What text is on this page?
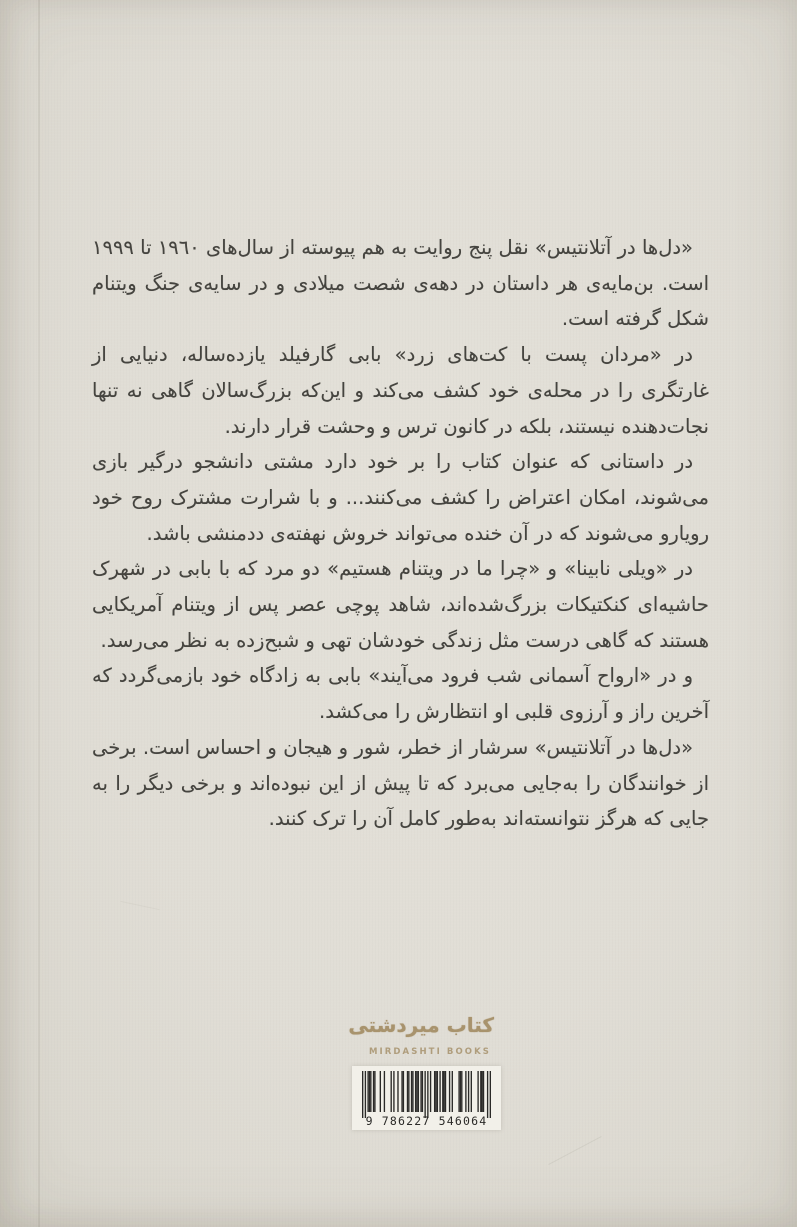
«دل‌ها در آتلانتیس» نقل پنج روایت به هم پیوسته از سال‌های ١٩٦٠ تا ١٩٩٩ است. بن‌مایه‌ی هر داستان در دهه‌ی شصت میلادی و در سایه‌ی جنگ ویتنام شکل گرفته است.

در «مردان پست با کت‌های زرد» بابی گارفیلد یازده‌ساله، دنیایی از غارتگری را در محله‌ی خود کشف می‌کند و این‌که بزرگ‌سالان گاهی نه تنها نجات‌دهنده نیستند، بلکه در کانون ترس و وحشت قرار دارند.

در داستانی که عنوان کتاب را بر خود دارد مشتی دانشجو درگیر بازی می‌شوند، امکان اعتراض را کشف می‌کنند... و با شرارت مشترک روح خود رویارو می‌شوند که در آن خنده می‌تواند خروش نهفته‌ی ددمنشی باشد.

در «ویلی نابینا» و «چرا ما در ویتنام هستیم» دو مرد که با بابی در شهرک حاشیه‌ای کنکتیکات بزرگ‌شده‌اند، شاهد پوچی عصر پس از ویتنام آمریکایی هستند که گاهی درست مثل زندگی خودشان تهی و شبح‌زده به نظر می‌رسد.

و در «ارواح آسمانی شب فرود می‌آیند» بابی به زادگاه خود بازمی‌گردد که آخرین راز و آرزوی قلبی او انتظارش را می‌کشد.

«دل‌ها در آتلانتیس» سرشار از خطر، شور و هیجان و احساس است. برخی از خوانندگان را به‌جایی می‌برد که تا پیش از این نبوده‌اند و برخی دیگر را به جایی که هرگز نتوانسته‌اند به‌طور کامل آن را ترک کنند.

کتاب میردشتی
MIRDASHTI BOOKS
9 786227 546064
